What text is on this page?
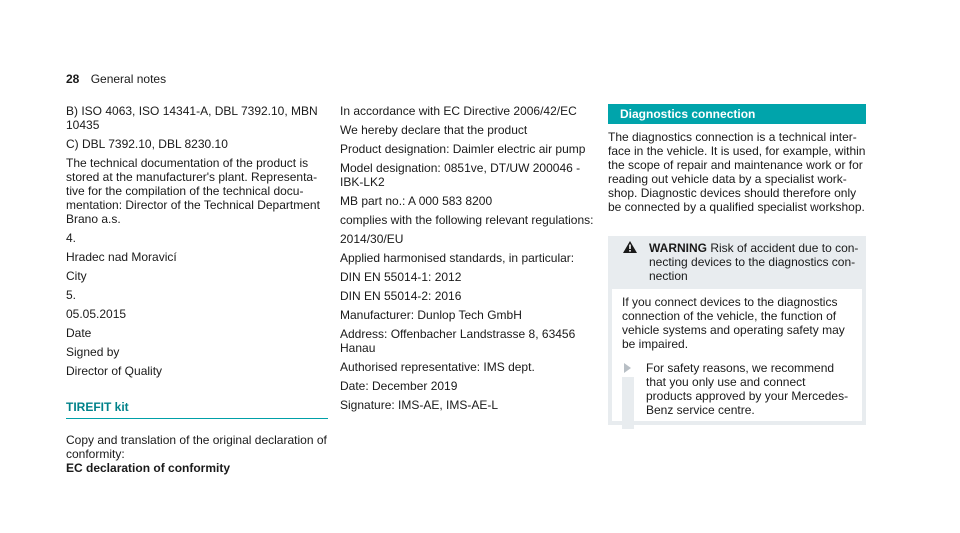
28 General notes

B) ISO 4063, ISO 14341-A, DBL 7392.10, MBN 10435

C) DBL 7392.10, DBL 8230.10

The technical documentation of the product is stored at the manufacturer's plant. Representa-tive for the compilation of the technical docu-mentation: Director of the Technical Department Brano a.s.

4.

Hradec nad Moravicí

City

5.

05.05.2015

Date

Signed by

Director of Quality

TIREFIT kit

Copy and translation of the original declaration of conformity:

EC declaration of conformity

In accordance with EC Directive 2006/42/EC

We hereby declare that the product

Product designation: Daimler electric air pump

Model designation: 0851ve, DT/UW 200046 - IBK-LK2

MB part no.: A 000 583 8200

complies with the following relevant regulations:

2014/30/EU

Applied harmonised standards, in particular:

DIN EN 55014-1: 2012

DIN EN 55014-2: 2016

Manufacturer: Dunlop Tech GmbH

Address: Offenbacher Landstrasse 8, 63456 Hanau

Authorised representative: IMS dept.

Date: December 2019

Signature: IMS-AE, IMS-AE-L

Diagnostics connection

The diagnostics connection is a technical inter-face in the vehicle. It is used, for example, within the scope of repair and maintenance work or for reading out vehicle data by a specialist work-shop. Diagnostic devices should therefore only be connected by a qualified specialist workshop.

WARNING Risk of accident due to con-necting devices to the diagnostics con-nection

If you connect devices to the diagnostics connection of the vehicle, the function of vehicle systems and operating safety may be impaired.

For safety reasons, we recommend that you only use and connect products approved by your Mercedes-Benz service centre.
